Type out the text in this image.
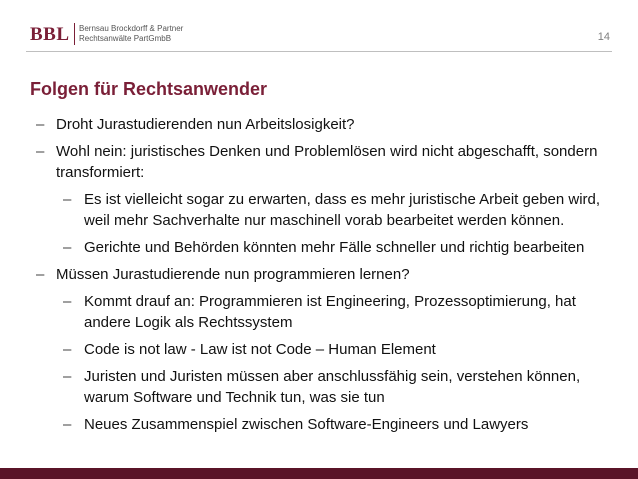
BBL Bernsau Brockdorff & Partner
Rechtsanwälte PartGmbB	14
Folgen für Rechtsanwender
– Droht Jurastudierenden nun Arbeitslosigkeit?
– Wohl nein: juristisches Denken und Problemlösen wird nicht abgeschafft, sondern transformiert:
– Es ist vielleicht sogar zu erwarten, dass es mehr juristische Arbeit geben wird, weil mehr Sachverhalte nur maschinell vorab bearbeitet werden können.
– Gerichte und Behörden könnten mehr Fälle schneller und richtig bearbeiten
– Müssen Jurastudierende nun programmieren lernen?
– Kommt drauf an: Programmieren ist Engineering, Prozessoptimierung, hat andere Logik als Rechtssystem
– Code is not law - Law ist not Code – Human Element
– Juristen und Juristen müssen aber anschlussfähig sein, verstehen können, warum Software und Technik tun, was sie tun
– Neues Zusammenspiel zwischen Software-Engineers und Lawyers
